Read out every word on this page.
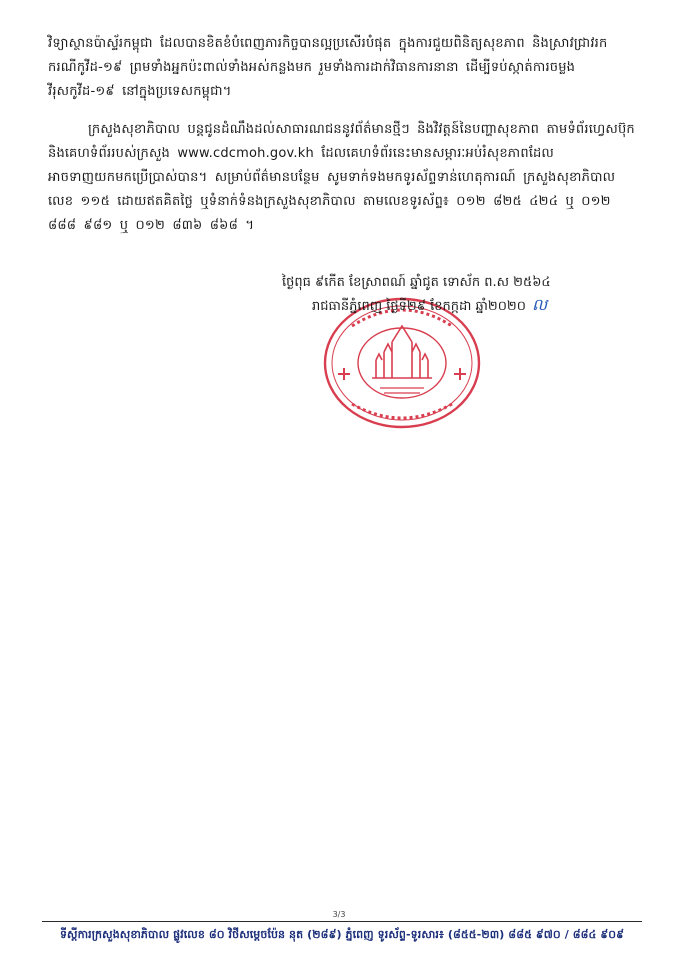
វិទ្យាស្ថានប៉ាស្ទ័រកម្ពុជា ដែលបានខិតខំបំពេញភារកិច្ចបានល្អប្រសើរបំផុត ក្នុងការជួយពិនិត្យសុខភាព និងស្រាវជ្រាវរកករណីកូវីដ-១៩ ព្រមទាំងអ្នកប៉ះពាល់ទាំងអស់កន្លងមក រួមទាំងការដាក់វិធានការនានា ដើម្បីទប់ស្កាត់ការចម្លងវីរុសកូវីដ-១៩ នៅក្នុងប្រទេសកម្ពុជា។

ក្រសួងសុខាភិបាល បន្តជូនដំណឹងដល់សាធារណជននូវព័ត៌មានថ្មីៗ និងវិវត្តន៍នៃបញ្ហាសុខភាព តាមទំព័រហ្វេសប៊ុក និងគេហទំព័ររបស់ក្រសួង www.cdcmoh.gov.kh ដែលគេហទំព័រនេះមានសម្ភារៈអប់រំសុខភាពដែលអាចទាញយកមកប្រើប្រាស់បាន។ សម្រាប់ព័ត៌មានបន្ថែម សូមទាក់ទងមកទូរស័ព្ទទាន់ហេតុការណ៍ ក្រសួងសុខាភិបាល លេខ ១១៥ ដោយឥតគិតថ្លៃ ឬទំនាក់ទំនងក្រសួងសុខាភិបាល តាមលេខទូរស័ព្ទ៖ ០១២ ៨២៥ ៤២៤ ឬ ០១២ ៨៨៨ ៩៨១ ឬ ០១២ ៨៣៦ ៨៦៨ ។

ថ្ងៃពុធ ៩កើត ខែស្រាពណ៍ ឆ្នាំជូត ទោស័ក ព.ស ២៥៦៤
រាជធានីភ្នំពេញ ថ្ងៃទី២៩ ខែកក្កដា ឆ្នាំ២០២០ ល
3/3
ទីស្តីការក្រសួងសុខាភិបាល ផ្លូវលេខ ៨០ វិថីសម្តេចប៉ែន នុត (២៨៩) ភ្នំពេញ ទូរស័ព្ទ-ទូរសារ៖ (៨៥៥-២៣) ៨៨៥ ៩៧០ / ៨៨៤ ៩០៩
